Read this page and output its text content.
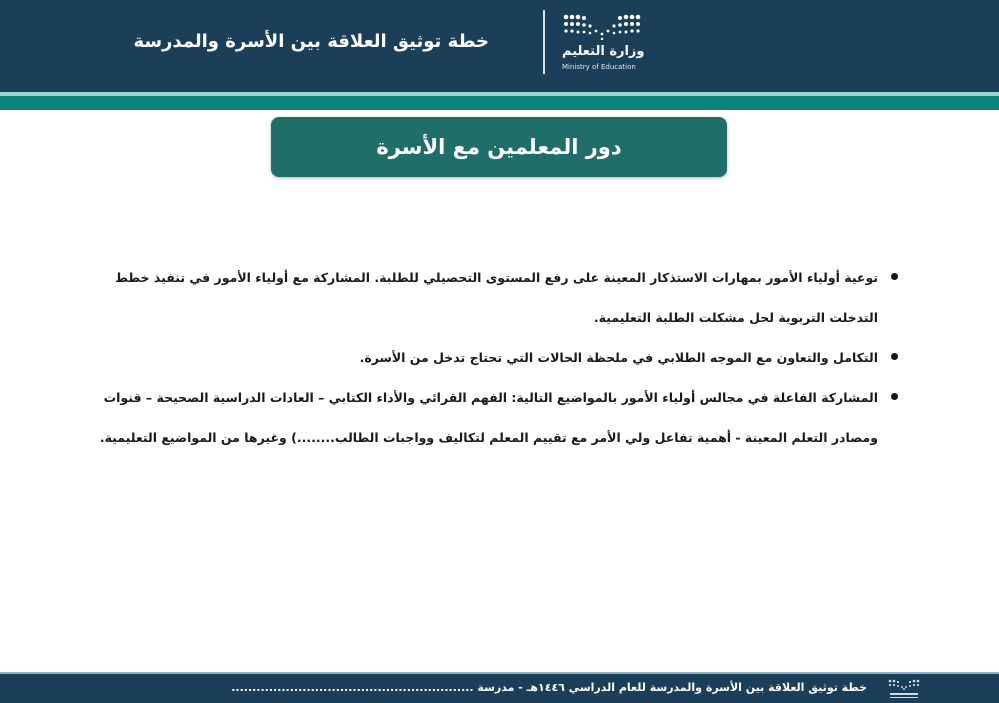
خطة توثيق العلاقة بين الأسرة والمدرسة	وزارة التعليم
Ministry of Education
دور المعلمين مع الأسرة
توعية أولياء الأمور بمهارات الاستذكار المعينة على رفع المستوى التحصيلي للطلبة. المشاركة مع أولياء الأمور في تنفيذ خطط التدخلت التربوية لحل مشكلت الطلبة التعليمية.
التكامل والتعاون مع الموجه الطلابي في ملحظة الحالات التي تحتاج تدخل من الأسرة.
المشاركة الفاعلة في مجالس أولياء الأمور بالمواضيع التالية: الفهم القرائي والأداء الكتابي – العادات الدراسية الصحيحة – قنوات ومصادر التعلم المعينة - أهمية تفاعل ولي الأمر مع تقييم المعلم لتكاليف وواجبات الطالب........) وغيرها من المواضيع التعليمية.
خطة توثيق العلاقة بين الأسرة والمدرسة للعام الدراسي ١٤٤٦هـ - مدرسة ..........................................................
